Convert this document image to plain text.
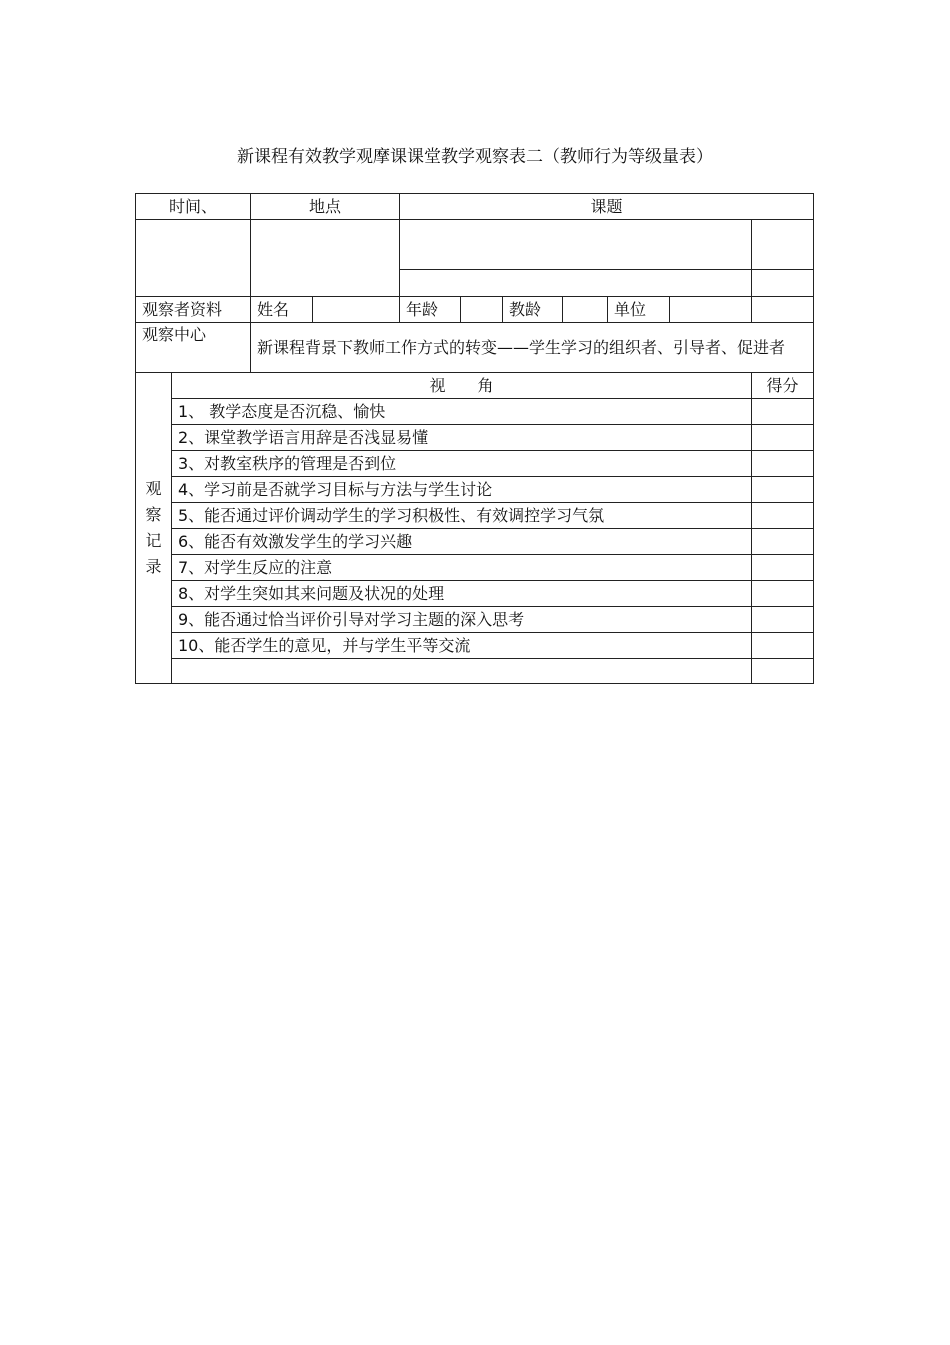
新课程有效教学观摩课课堂教学观察表二（教师行为等级量表）
时间、		地点		课题						

观察者资料		姓名		年龄		教龄		单位		
观察中心		新课程背景下教师工作方式的转变——学生学习的组织者、引导者、促进者								
观察记录	视　　角									得分
	1、 教学态度是否沉稳、愉快									
	2、课堂教学语言用辞是否浅显易懂									
	3、对教室秩序的管理是否到位									
	4、学习前是否就学习目标与方法与学生讨论									
	5、能否通过评价调动学生的学习积极性、有效调控学习气氛									
	6、能否有效激发学生的学习兴趣									
	7、对学生反应的注意									
	8、对学生突如其来问题及状况的处理									
	9、能否通过恰当评价引导对学习主题的深入思考									
	10、能否学生的意见，并与学生平等交流									
